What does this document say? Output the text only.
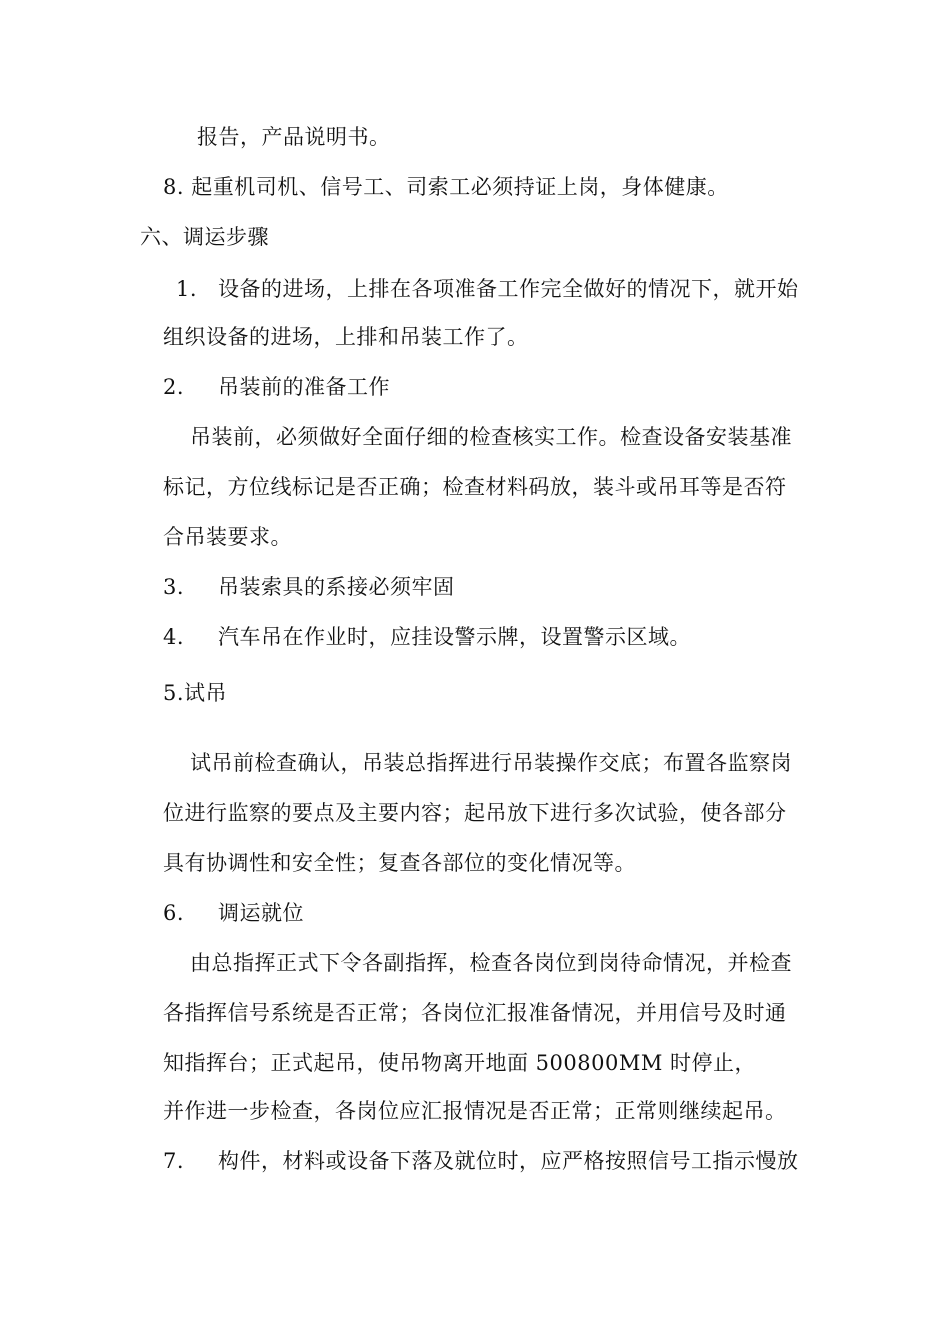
报告，产品说明书。
8. 起重机司机、信号工、司索工必须持证上岗，身体健康。
六、调运步骤
1. 设备的进场，上排在各项准备工作完全做好的情况下，就开始
组织设备的进场，上排和吊装工作了。
2. 吊装前的准备工作
吊装前，必须做好全面仔细的检查核实工作。检查设备安装基准
标记，方位线标记是否正确；检查材料码放，装斗或吊耳等是否符
合吊装要求。
3. 吊装索具的系接必须牢固
4. 汽车吊在作业时，应挂设警示牌，设置警示区域。
5.试吊
试吊前检查确认，吊装总指挥进行吊装操作交底；布置各监察岗
位进行监察的要点及主要内容；起吊放下进行多次试验，使各部分
具有协调性和安全性；复查各部位的变化情况等。
6. 调运就位
由总指挥正式下令各副指挥，检查各岗位到岗待命情况，并检查
各指挥信号系统是否正常；各岗位汇报准备情况，并用信号及时通
知指挥台；正式起吊，使吊物离开地面 500800MM 时停止，
并作进一步检查，各岗位应汇报情况是否正常；正常则继续起吊。
7. 构件，材料或设备下落及就位时，应严格按照信号工指示慢放
